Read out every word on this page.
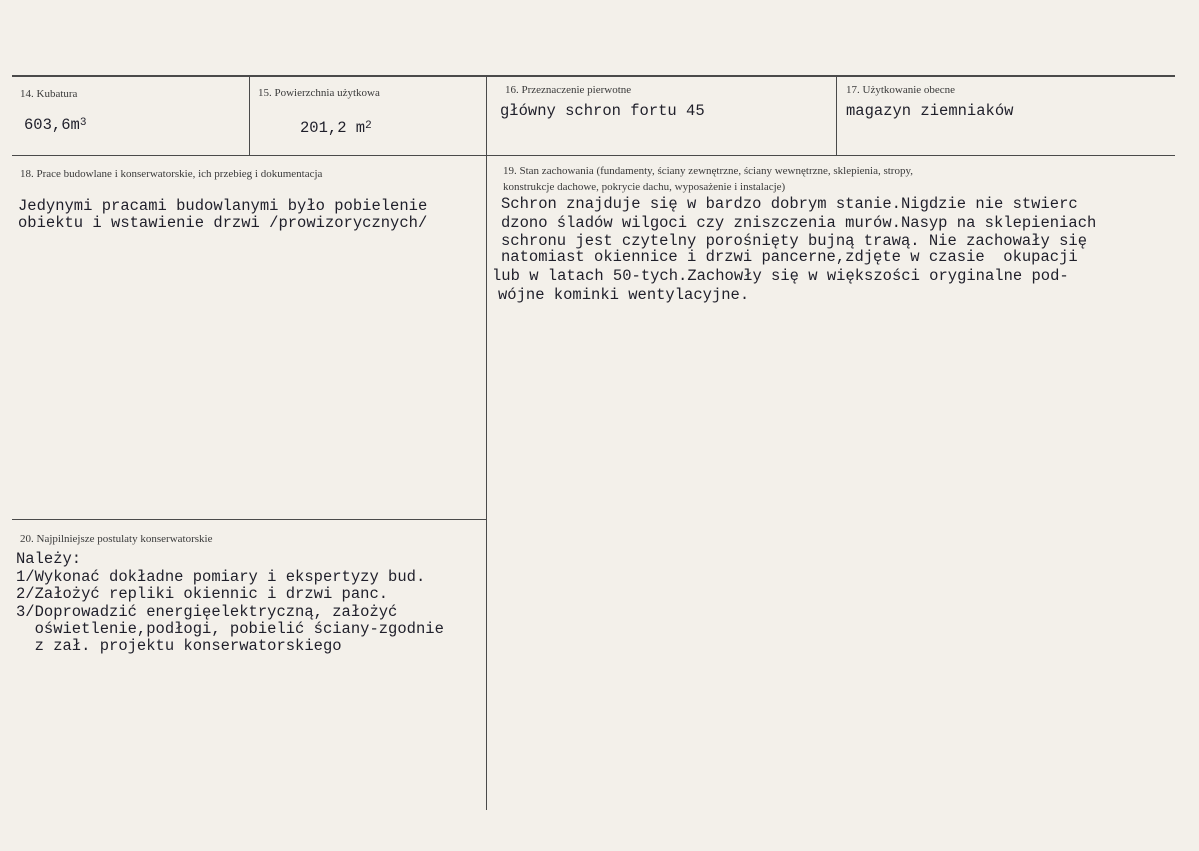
14. Kubatura
$603,6m^3$
15. Powierzchnia użytkowa
201,2 $m^2$
16. Przeznaczenie pierwotne
główny schron fortu 45
17. Użytkowanie obecne
magazyn ziemniaków
18. Prace budowlane i konserwatorskie, ich przebieg i dokumentacja
Jedynymi pracami budowlanymi było pobielenie
obiektu i wstawienie drzwi /prowizorycznych/
19. Stan zachowania (fundamenty, ściany zewnętrzne, ściany wewnętrzne, sklepienia, stropy,
konstrukcje dachowe, pokrycie dachu, wyposażenie i instalacje)
Schron znajduje się w bardzo dobrym stanie.Nigdzie nie stwierc
dzono śladów wilgoci czy zniszczenia murów.Nasyp na sklepieniach
schronu jest czytelny porośnięty bujną trawą. Nie zachowały się
natomiast okiennice i drzwi pancerne,zdjęte w czasie  okupacji
lub w latach 50-tych.Zachowły się w większości oryginalne pod-
wójne kominki wentylacyjne.
20. Najpilniejsze postulaty konserwatorskie
Należy:
1/Wykonać dokładne pomiary i ekspertyzy bud.
2/Założyć repliki okiennic i drzwi panc.
3/Doprowadzić energięelektryczną, założyć
oświetlenie,podłogi, pobielić ściany-zgodnie
z zał. projektu konserwatorskiego
